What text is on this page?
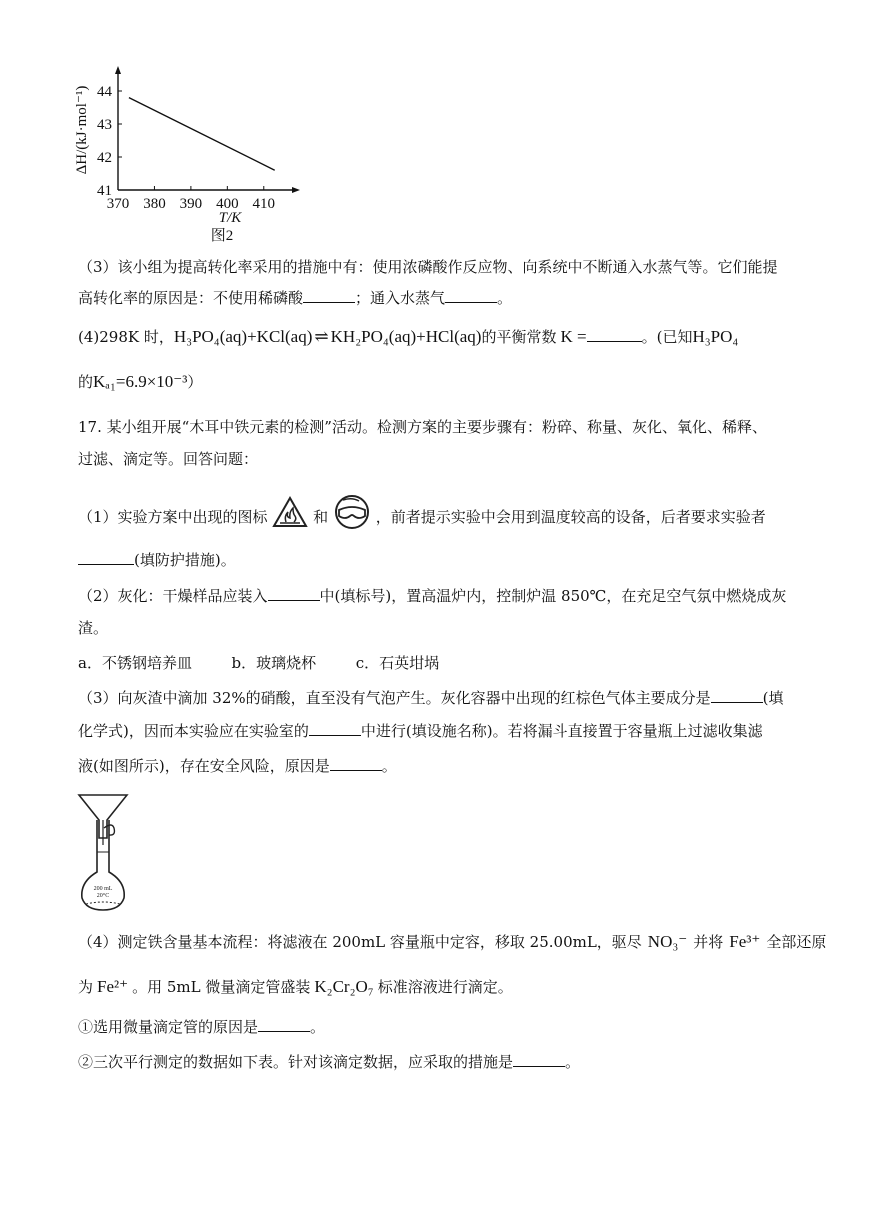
370 380 390 400 410
41
42
43
44
T/K
ΔH/(kJ·mol⁻¹)
图2
（3）该小组为提高转化率采用的措施中有：使用浓磷酸作反应物、向系统中不断通入水蒸气等。它们能提
高转化率的原因是：不使用稀磷酸	；通入水蒸气	。
(4)298K 时，H₃PO₄(aq)+KCl(aq) ⇌ KH₂PO₄(aq)+HCl(aq)的平衡常数 K =	。(已知H₃PO₄
的Kₐ₁=6.9×10⁻³）
17. 某小组开展“木耳中铁元素的检测”活动。检测方案的主要步骤有：粉碎、称量、灰化、氧化、稀释、
过滤、滴定等。回答问题：
（1）实验方案中出现的图标	和	，前者提示实验中会用到温度较高的设备，后者要求实验者
(填防护措施)。
（2）灰化：干燥样品应装入	中(填标号)，置高温炉内，控制炉温 850℃，在充足空气氛中燃烧成灰
渣。
a．不锈钢培养皿	b．玻璃烧杯	c．石英坩埚
（3）向灰渣中滴加 32%的硝酸，直至没有气泡产生。灰化容器中出现的红棕色气体主要成分是	(填
化学式)，因而本实验应在实验室的	中进行(填设施名称)。若将漏斗直接置于容量瓶上过滤收集滤
液(如图所示)，存在安全风险，原因是	。
200 mL
20°C
（4）测定铁含量基本流程：将滤液在 200mL 容量瓶中定容，移取 25.00mL，驱尽 NO₃⁻ 并将 Fe³⁺ 全部还原
为 Fe²⁺ 。用 5mL 微量滴定管盛装 K₂Cr₂O₇ 标准溶液进行滴定。
①选用微量滴定管的原因是	。
②三次平行测定的数据如下表。针对该滴定数据，应采取的措施是	。
